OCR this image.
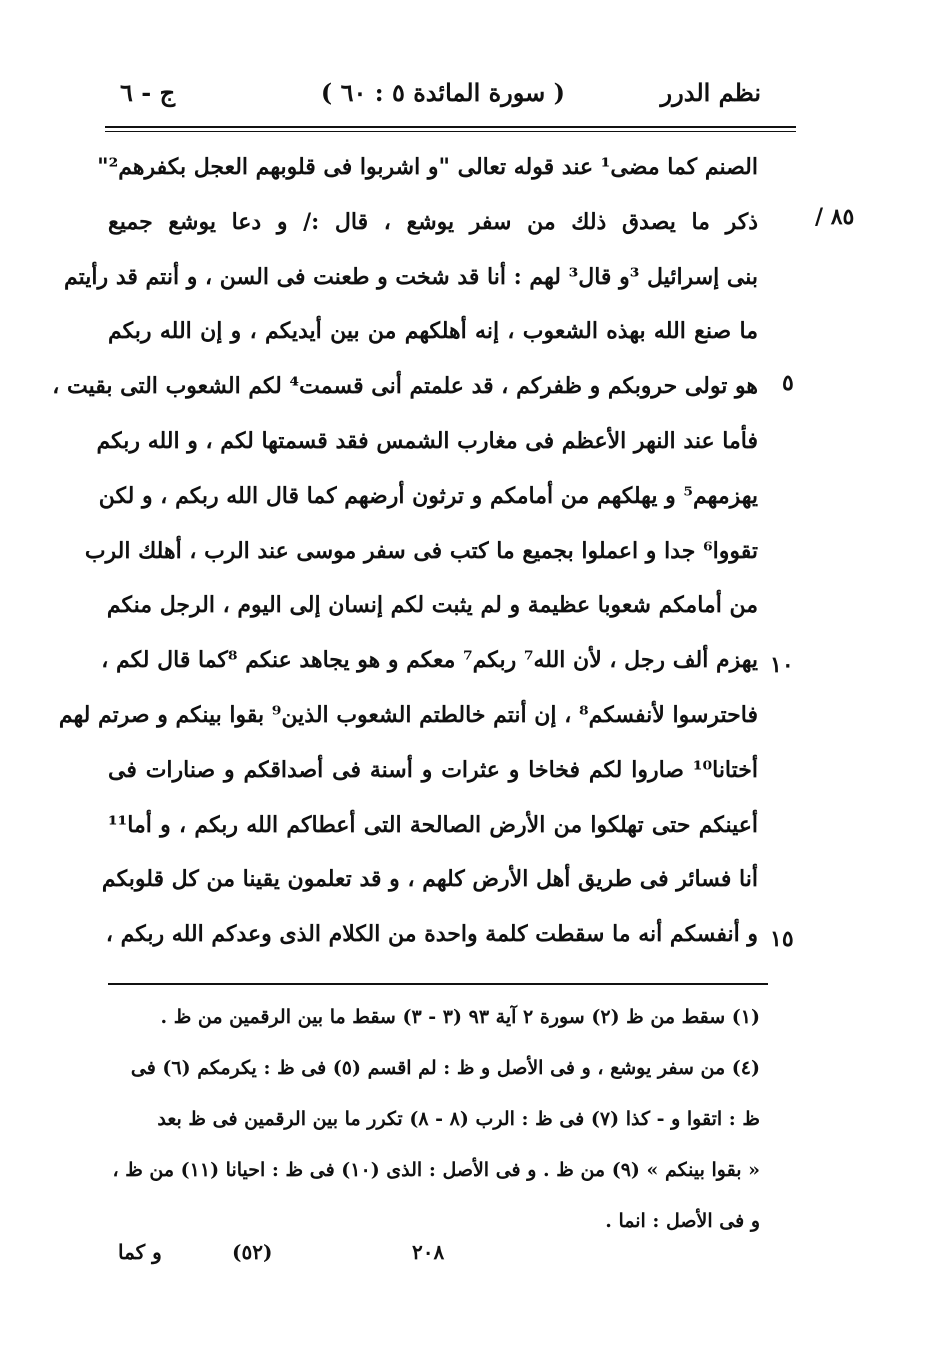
نظم الدرر
( سورة المائدة ٥ : ٦٠ )
ج - ٦
٨٥ /
٥
١٠
١٥
الصنم كما مضى¹ عند قوله تعالى "و اشربوا فى قلوبهم العجل بكفرهم²"
ذكر ما يصدق ذلك من سفر يوشع ، قال :/ و دعا يوشع جميع
بنى إسرائيل ³و قال³ لهم : أنا قد شخت و طعنت فى السن ، و أنتم قد رأيتم
ما صنع الله بهذه الشعوب ، إنه أهلكهم من بين أيديكم ، و إن الله ربكم
هو تولى حروبكم و ظفركم ، قد علمتم أنى قسمت⁴ لكم الشعوب التى بقيت ،
فأما عند النهر الأعظم فى مغارب الشمس فقد قسمتها لكم ، و الله ربكم
يهزمهم⁵ و يهلكهم من أمامكم و ترثون أرضهم كما قال الله ربكم ، و لكن
تقووا⁶ جدا و اعملوا بجميع ما كتب فى سفر موسى عند الرب ، أهلك الرب
من أمامكم شعوبا عظيمة و لم يثبت لكم إنسان إلى اليوم ، الرجل منكم
يهزم ألف رجل ، لأن الله⁷ ربكم⁷ معكم و هو يجاهد عنكم ⁸كما قال لكم ،
فاحترسوا لأنفسكم⁸ ، إن أنتم خالطتم الشعوب الذين⁹ بقوا بينكم و صرتم لهم
أختانا¹⁰ صاروا لكم فخاخا و عثرات و أسنة فى أصداقكم و صنارات فى
أعينكم حتى تهلكوا من الأرض الصالحة التى أعطاكم الله ربكم ، و أما¹¹
أنا فسائر فى طريق أهل الأرض كلهم ، و قد تعلمون يقينا من كل قلوبكم
و أنفسكم أنه ما سقطت كلمة واحدة من الكلام الذى وعدكم الله ربكم ،
(١) سقط من ظ (٢) سورة ٢ آية ٩٣ (٣ - ٣) سقط ما بين الرقمين من ظ .
(٤) من سفر يوشع ، و فى الأصل و ظ : لم اقسم (٥) فى ظ : يكرمكم (٦) فى
ظ : اتقوا و - كذا (٧) فى ظ : الرب (٨ - ٨) تكرر ما بين الرقمين فى ظ بعد
« بقوا بينكم » (٩) من ظ . و فى الأصل : الذى (١٠) فى ظ : احيانا (١١) من ظ ،
و فى الأصل : انما .
٢٠٨
(٥٢)
و كما
